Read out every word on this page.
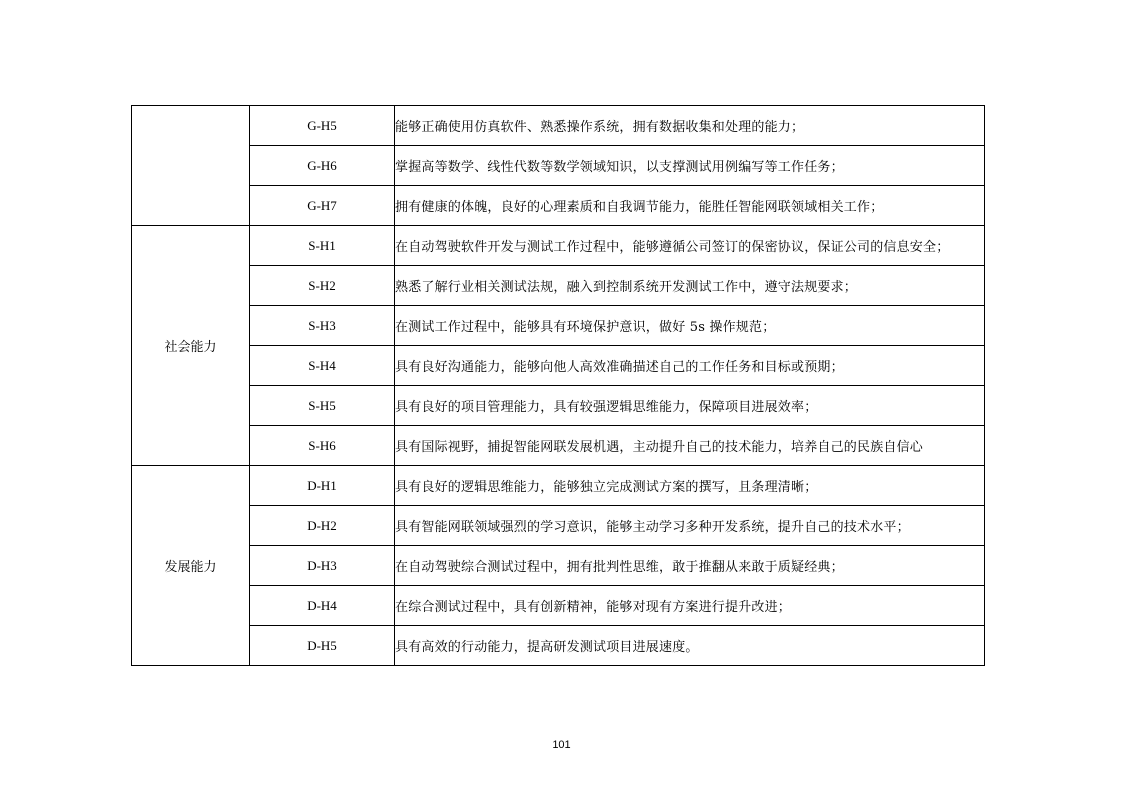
	G-H5	能够正确使用仿真软件、熟悉操作系统，拥有数据收集和处理的能力；
	G-H6	掌握高等数学、线性代数等数学领域知识，以支撑测试用例编写等工作任务；
	G-H7	拥有健康的体魄，良好的心理素质和自我调节能力，能胜任智能网联领域相关工作；
社会能力	S-H1	在自动驾驶软件开发与测试工作过程中，能够遵循公司签订的保密协议，保证公司的信息安全；
	S-H2	熟悉了解行业相关测试法规，融入到控制系统开发测试工作中，遵守法规要求；
	S-H3	在测试工作过程中，能够具有环境保护意识，做好 5s 操作规范；
	S-H4	具有良好沟通能力，能够向他人高效准确描述自己的工作任务和目标或预期；
	S-H5	具有良好的项目管理能力，具有较强逻辑思维能力，保障项目进展效率；
	S-H6	具有国际视野，捕捉智能网联发展机遇，主动提升自己的技术能力，培养自己的民族自信心
发展能力	D-H1	具有良好的逻辑思维能力，能够独立完成测试方案的撰写，且条理清晰；
	D-H2	具有智能网联领域强烈的学习意识，能够主动学习多种开发系统，提升自己的技术水平；
	D-H3	在自动驾驶综合测试过程中，拥有批判性思维，敢于推翻从来敢于质疑经典；
	D-H4	在综合测试过程中，具有创新精神，能够对现有方案进行提升改进；
	D-H5	具有高效的行动能力，提高研发测试项目进展速度。
101
